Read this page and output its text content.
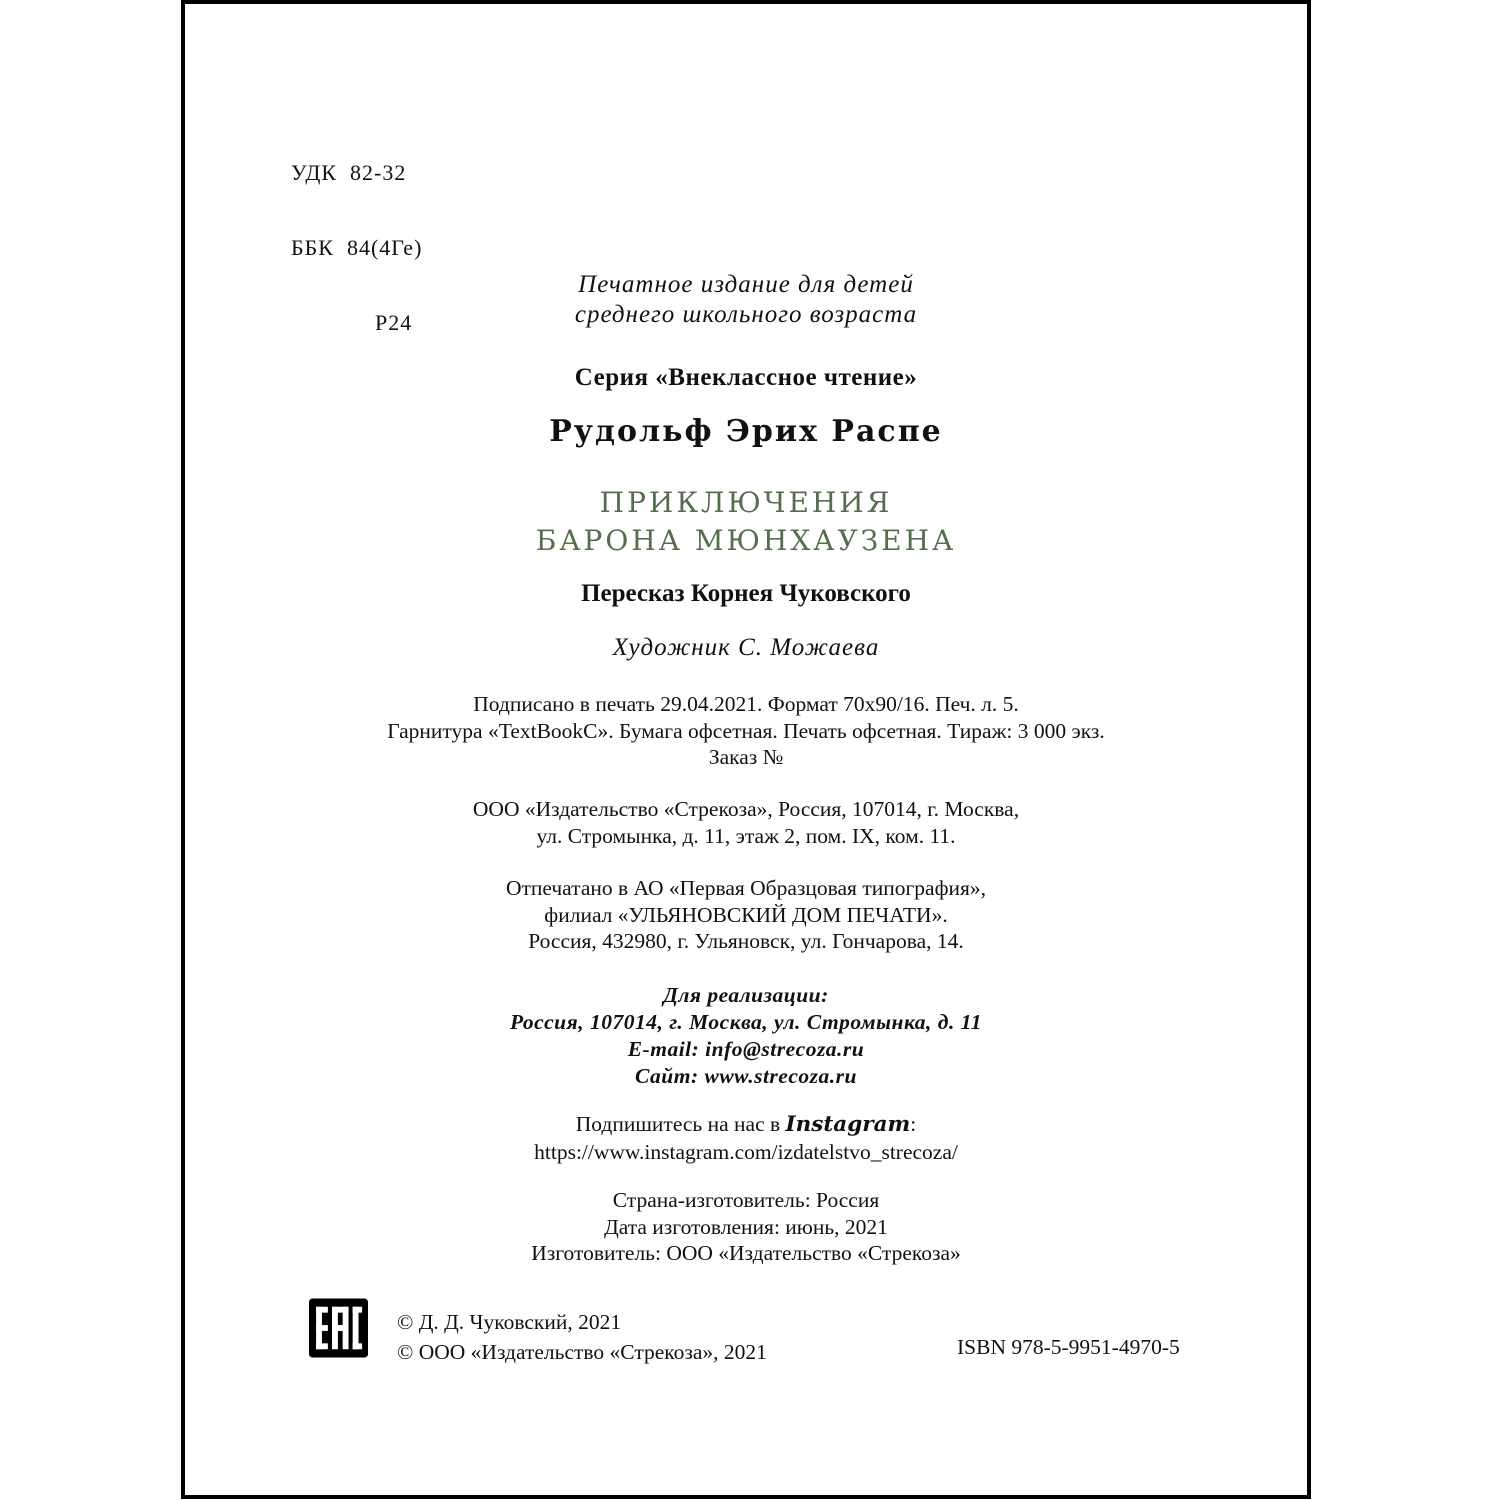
УДК  82-32

ББК  84(4Ге)

Р24

Печатное издание для детей
среднего школьного возраста
Серия «Внеклассное чтение»
Рудольф Эрих Распе
ПРИКЛЮЧЕНИЯ
БАРОНА МЮНХАУЗЕНА
Пересказ Корнея Чуковского
Художник С. Можаева
Подписано в печать 29.04.2021. Формат 70х90/16. Печ. л. 5.
Гарнитура «TextBookC». Бумага офсетная. Печать офсетная. Тираж: 3 000 экз.
Заказ №
ООО «Издательство «Стрекоза», Россия, 107014, г. Москва,
ул. Стромынка, д. 11, этаж 2, пом. IX, ком. 11.
Отпечатано в АО «Первая Образцовая типография»,
филиал «УЛЬЯНОВСКИЙ ДОМ ПЕЧАТИ».
Россия, 432980, г. Ульяновск, ул. Гончарова, 14.
Для реализации:
Россия, 107014, г. Москва, ул. Стромынка, д. 11
E-mail: info@strecoza.ru
Сайт: www.strecoza.ru
Подпишитесь на нас в Instagram:
https://www.instagram.com/izdatelstvo_strecoza/
Страна-изготовитель: Россия
Дата изготовления: июнь, 2021
Изготовитель: ООО «Издательство «Стрекоза»
© Д. Д. Чуковский, 2021
© ООО «Издательство «Стрекоза», 2021	ISBN 978-5-9951-4970-5
